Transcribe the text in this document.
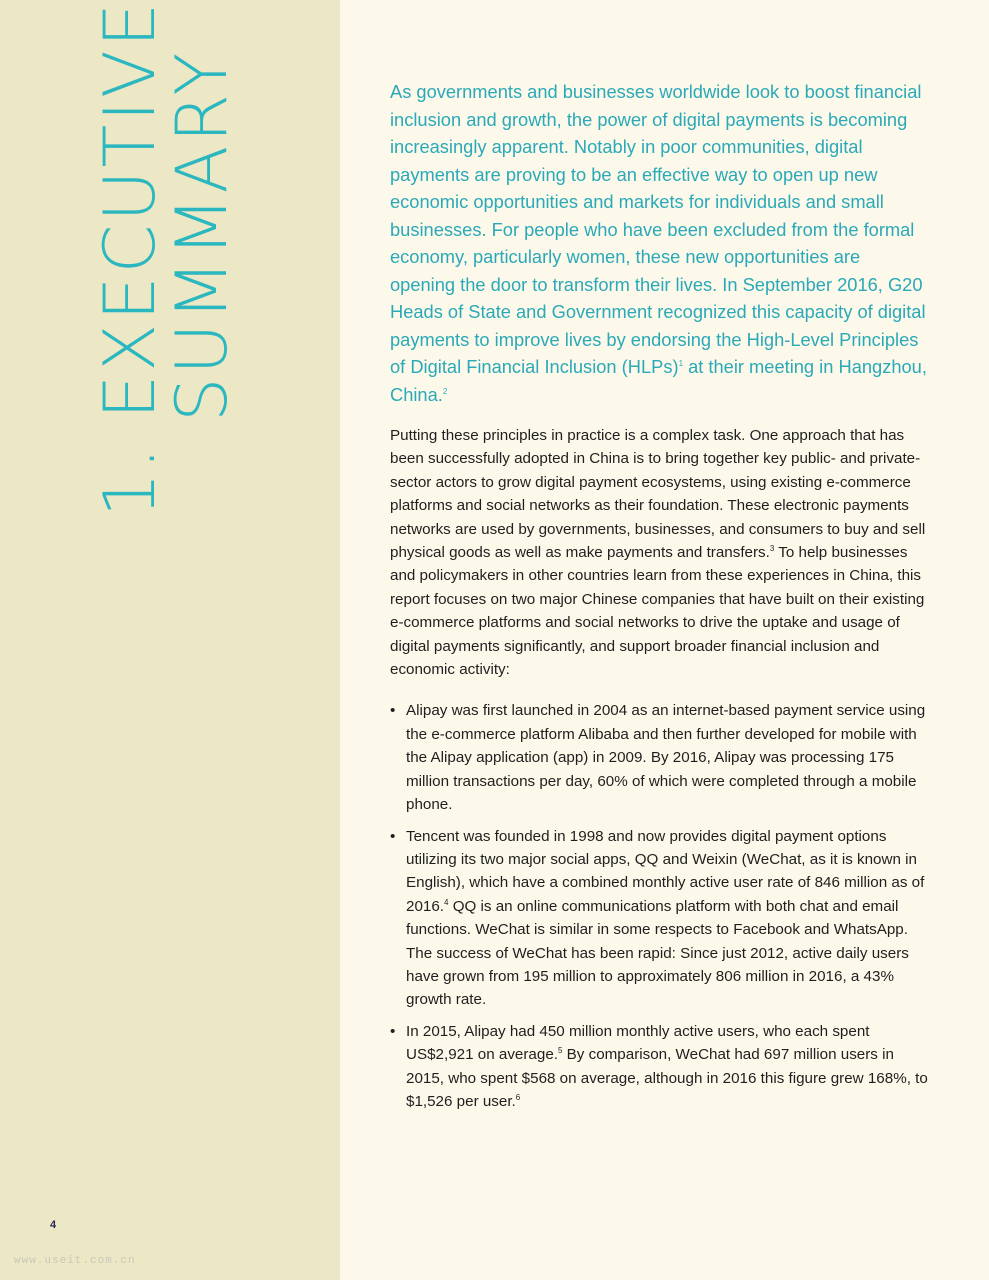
1. EXECUTIVE
SUMMARY
4
www.useit.com.cn

As governments and businesses worldwide look to boost financial inclusion and growth, the power of digital payments is becoming increasingly apparent. Notably in poor communities, digital payments are proving to be an effective way to open up new economic opportunities and markets for individuals and small businesses. For people who have been excluded from the formal economy, particularly women, these new opportunities are opening the door to transform their lives. In September 2016, G20 Heads of State and Government recognized this capacity of digital payments to improve lives by endorsing the High-Level Principles of Digital Financial Inclusion (HLPs)$^1$ at their meeting in Hangzhou, China.$^2$

Putting these principles in practice is a complex task. One approach that has been successfully adopted in China is to bring together key public- and private-sector actors to grow digital payment ecosystems, using existing e-commerce platforms and social networks as their foundation. These electronic payments networks are used by governments, businesses, and consumers to buy and sell physical goods as well as make payments and transfers.$^3$ To help businesses and policymakers in other countries learn from these experiences in China, this report focuses on two major Chinese companies that have built on their existing e-commerce platforms and social networks to drive the uptake and usage of digital payments significantly, and support broader financial inclusion and economic activity:

• Alipay was first launched in 2004 as an internet-based payment service using the e-commerce platform Alibaba and then further developed for mobile with the Alipay application (app) in 2009. By 2016, Alipay was processing 175 million transactions per day, 60% of which were completed through a mobile phone.
• Tencent was founded in 1998 and now provides digital payment options utilizing its two major social apps, QQ and Weixin (WeChat, as it is known in English), which have a combined monthly active user rate of 846 million as of 2016.$^4$ QQ is an online communications platform with both chat and email functions. WeChat is similar in some respects to Facebook and WhatsApp. The success of WeChat has been rapid: Since just 2012, active daily users have grown from 195 million to approximately 806 million in 2016, a 43% growth rate.
• In 2015, Alipay had 450 million monthly active users, who each spent US$2,921 on average.$^5$ By comparison, WeChat had 697 million users in 2015, who spent $568 on average, although in 2016 this figure grew 168%, to $1,526 per user.$^6$
